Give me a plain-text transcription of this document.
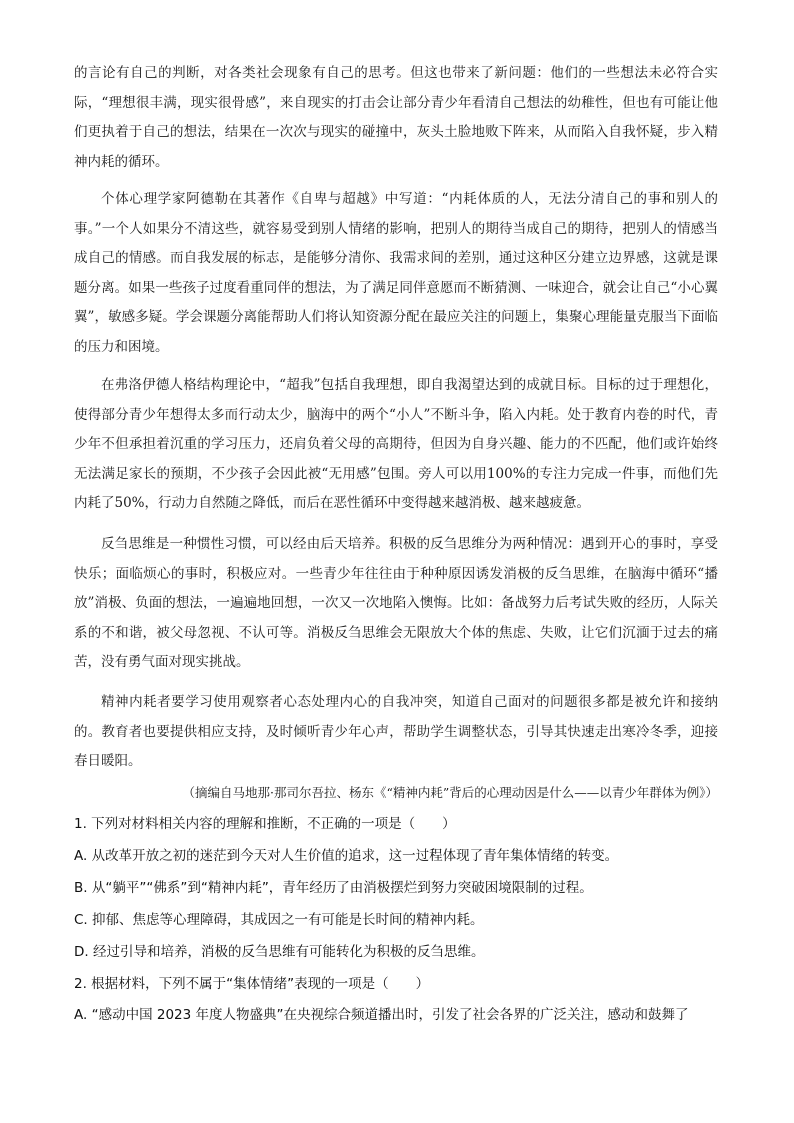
的言论有自己的判断，对各类社会现象有自己的思考。但这也带来了新问题：他们的一些想法未必符合实际，“理想很丰满，现实很骨感”，来自现实的打击会让部分青少年看清自己想法的幼稚性，但也有可能让他们更执着于自己的想法，结果在一次次与现实的碰撞中，灰头土脸地败下阵来，从而陷入自我怀疑，步入精神内耗的循环。

个体心理学家阿德勒在其著作《自卑与超越》中写道：“内耗体质的人，无法分清自己的事和别人的事。”一个人如果分不清这些，就容易受到别人情绪的影响，把别人的期待当成自己的期待，把别人的情感当成自己的情感。而自我发展的标志，是能够分清你、我需求间的差别，通过这种区分建立边界感，这就是课题分离。如果一些孩子过度看重同伴的想法，为了满足同伴意愿而不断猜测、一味迎合，就会让自己“小心翼翼”，敏感多疑。学会课题分离能帮助人们将认知资源分配在最应关注的问题上，集聚心理能量克服当下面临的压力和困境。

在弗洛伊德人格结构理论中，“超我”包括自我理想，即自我渴望达到的成就目标。目标的过于理想化，使得部分青少年想得太多而行动太少，脑海中的两个“小人”不断斗争，陷入内耗。处于教育内卷的时代，青少年不但承担着沉重的学习压力，还肩负着父母的高期待，但因为自身兴趣、能力的不匹配，他们或许始终无法满足家长的预期，不少孩子会因此被“无用感”包围。旁人可以用100%的专注力完成一件事，而他们先内耗了50%，行动力自然随之降低，而后在恶性循环中变得越来越消极、越来越疲惫。

反刍思维是一种惯性习惯，可以经由后天培养。积极的反刍思维分为两种情况：遇到开心的事时，享受快乐；面临烦心的事时，积极应对。一些青少年往往由于种种原因诱发消极的反刍思维，在脑海中循环“播放”消极、负面的想法，一遍遍地回想，一次又一次地陷入懊悔。比如：备战努力后考试失败的经历，人际关系的不和谐，被父母忽视、不认可等。消极反刍思维会无限放大个体的焦虑、失败，让它们沉湎于过去的痛苦，没有勇气面对现实挑战。

精神内耗者要学习使用观察者心态处理内心的自我冲突，知道自己面对的问题很多都是被允许和接纳的。教育者也要提供相应支持，及时倾听青少年心声，帮助学生调整状态，引导其快速走出寒冷冬季，迎接春日暖阳。

（摘编自马地那·那司尔吾拉、杨东《“精神内耗”背后的心理动因是什么——以青少年群体为例》）

1. 下列对材料相关内容的理解和推断，不正确的一项是（　　）

A. 从改革开放之初的迷茫到今天对人生价值的追求，这一过程体现了青年集体情绪的转变。

B. 从“躺平”“佛系”到“精神内耗”，青年经历了由消极摆烂到努力突破困境限制的过程。

C. 抑郁、焦虑等心理障碍，其成因之一有可能是长时间的精神内耗。

D. 经过引导和培养，消极的反刍思维有可能转化为积极的反刍思维。

2. 根据材料，下列不属于“集体情绪”表现的一项是（　　）

A. “感动中国 2023 年度人物盛典”在央视综合频道播出时，引发了社会各界的广泛关注，感动和鼓舞了
